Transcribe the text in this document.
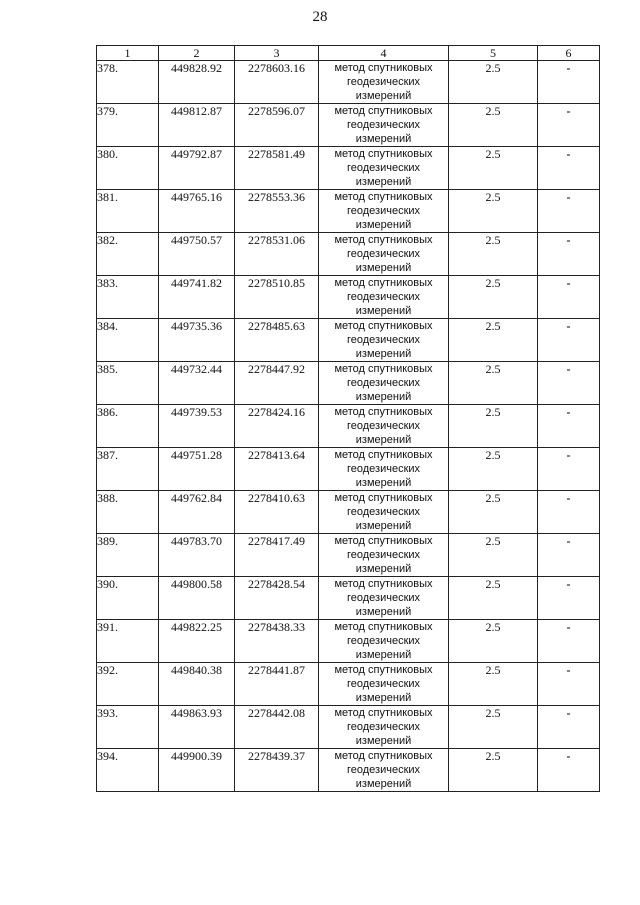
28
1	2	3	4	5	6
378.	449828.92	2278603.16	метод спутниковых геодезических измерений	2.5	-
379.	449812.87	2278596.07	метод спутниковых геодезических измерений	2.5	-
380.	449792.87	2278581.49	метод спутниковых геодезических измерений	2.5	-
381.	449765.16	2278553.36	метод спутниковых геодезических измерений	2.5	-
382.	449750.57	2278531.06	метод спутниковых геодезических измерений	2.5	-
383.	449741.82	2278510.85	метод спутниковых геодезических измерений	2.5	-
384.	449735.36	2278485.63	метод спутниковых геодезических измерений	2.5	-
385.	449732.44	2278447.92	метод спутниковых геодезических измерений	2.5	-
386.	449739.53	2278424.16	метод спутниковых геодезических измерений	2.5	-
387.	449751.28	2278413.64	метод спутниковых геодезических измерений	2.5	-
388.	449762.84	2278410.63	метод спутниковых геодезических измерений	2.5	-
389.	449783.70	2278417.49	метод спутниковых геодезических измерений	2.5	-
390.	449800.58	2278428.54	метод спутниковых геодезических измерений	2.5	-
391.	449822.25	2278438.33	метод спутниковых геодезических измерений	2.5	-
392.	449840.38	2278441.87	метод спутниковых геодезических измерений	2.5	-
393.	449863.93	2278442.08	метод спутниковых геодезических измерений	2.5	-
394.	449900.39	2278439.37	метод спутниковых геодезических измерений	2.5	-
